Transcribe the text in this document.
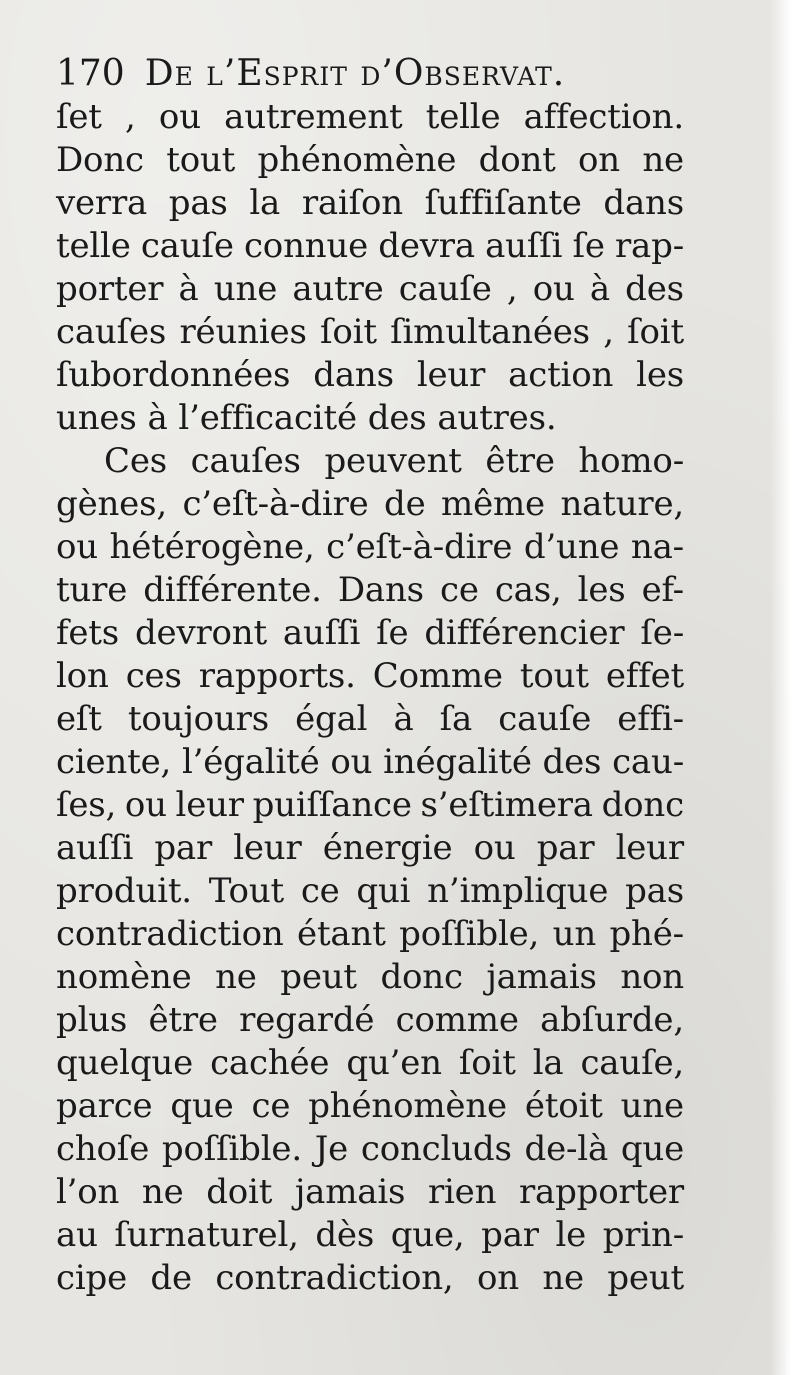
170 De l’Esprit d’Observat.
ſet , ou autrement telle affection.
Donc tout phénomène dont on ne
verra pas la raiſon ſuffiſante dans
telle cauſe connue devra auſſi ſe rap-
porter à une autre cauſe , ou à des
cauſes réunies ſoit ſimultanées , ſoit
ſubordonnées dans leur action les
unes à l’efficacité des autres.
Ces cauſes peuvent être homo-
gènes, c’eſt-à-dire de même nature,
ou hétérogène, c’eſt-à-dire d’une na-
ture différente. Dans ce cas, les ef-
fets devront auſſi ſe différencier ſe-
lon ces rapports. Comme tout effet
eſt toujours égal à ſa cauſe effi-
ciente, l’égalité ou inégalité des cau-
ſes, ou leur puiſſance s’eſtimera donc
auſſi par leur énergie ou par leur
produit. Tout ce qui n’implique pas
contradiction étant poſſible, un phé-
nomène ne peut donc jamais non
plus être regardé comme abſurde,
quelque cachée qu’en ſoit la cauſe,
parce que ce phénomène étoit une
choſe poſſible. Je concluds de-là que
l’on ne doit jamais rien rapporter
au ſurnaturel, dès que, par le prin-
cipe de contradiction, on ne peut
